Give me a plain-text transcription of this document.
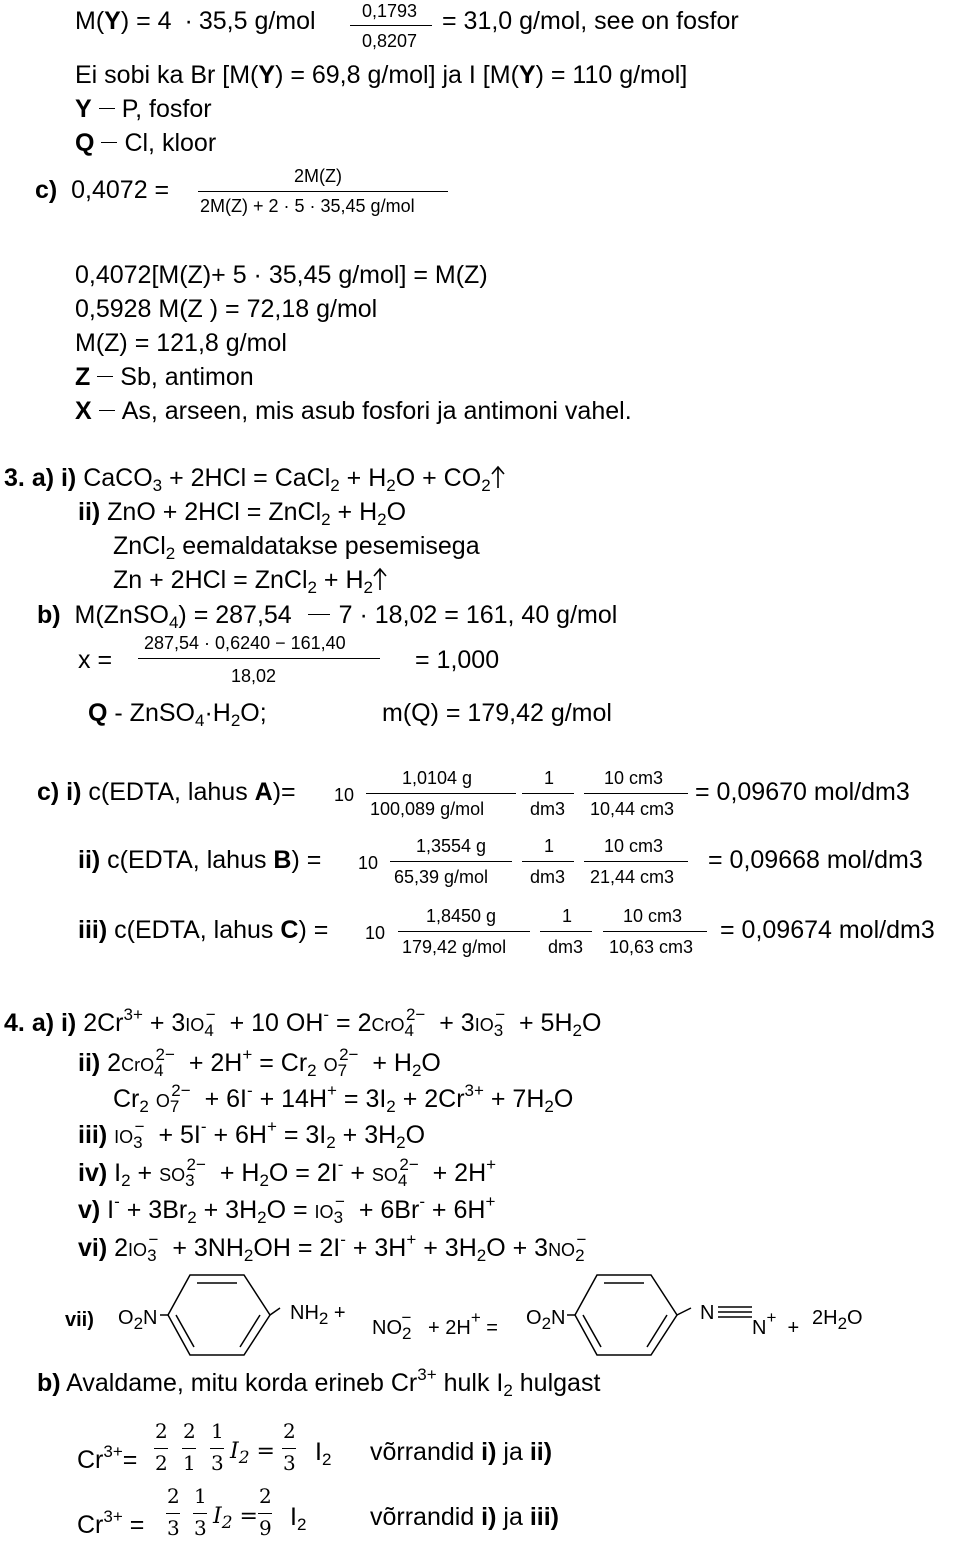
M(Y) = 4 · 35,5 g/mol	0,1793
0,8207
= 31,0 g/mol, see on fosfor
Ei sobi ka Br [M(Y) = 69,8 g/mol] ja I [M(Y) = 110 g/mol]
Y P, fosfor
Q Cl, kloor
c) 0,4072 =	2M(Z)
2M(Z) + 2 · 5 · 35,45 g/mol
0,4072[M(Z)+ 5 · 35,45 g/mol] = M(Z)
0,5928 M(Z ) = 72,18 g/mol
M(Z) = 121,8 g/mol
Z Sb, antimon
X As, arseen, mis asub fosfori ja antimoni vahel.
3. a) i) CaCO$_3$ + 2HCl = CaCl$_2$ + $H_2O + CO_2$
ii) ZnO + 2HCl = ZnCl$_2$ + $H_2O$
ZnCl$_2$ eemaldatakse pesemisega
Zn + 2HCl = ZnCl$_2$ + $H_2$
b)  M(ZnSO$_4$) = 287,54 7 · 18,02 = 161, 40 g/mol
x =
287,54 · 0,6240 − 161,40
18,02
= 1,000
$Q - ZnSO_4\cdot H_2O$;	m(Q) = 179,42 g/mol
c) i) c(EDTA, lahus A)= 10
1,0104 g
100,089 g/mol
1
dm3
10 cm3
10,44 cm3
= 0,09670 mol/dm3
ii) c(EDTA, lahus B) = 10
1,3554 g
65,39 g/mol
1
dm3
10 cm3
21,44 cm3
= 0,09668 mol/dm3
iii) c(EDTA, lahus C) = 10
1,8450 g
179,42 g/mol
1
dm3
10 cm3
10,63 cm3
= 0,09674 mol/dm3
4. a) i) $2Cr^{3+} + 3IO_4^- + 10$ $OH^- = 2CrO_4^{2-} + 3IO_3^- + 5H_2O$
ii) $2CrO_4^{2-} + 2H^+ = Cr_2$ $O_7^{2-} + H_2O$
$Cr_2$ $O_7^{2-} + 6I^- + 14H^+ = 3I_2 + 2Cr^{3+} + 7H_2O$
iii) $IO_3^- + 5I^- + 6H^+ = 3I_2 + 3H_2O$
iv) $I_2 + SO_3^{2-} + H_2O = 2I^- + SO_4^{2-} + 2H^+$
v) $I^- + 3Br_2 + 3H_2O = IO_3^- + 6Br^- + 6H^+$
vi) $2IO_3^- + 3NH_2OH = 2I^- + 3H^+ + 3H_2O + 3NO_2^-$
vii) $O_2N$	$NH_2$ +
$NO_2^- + 2H^+ = O_2N$	N
$N^+ + 2H_2O$
b) Avaldame, mitu korda erineb $Cr^{3+}$ hulk $I_2$ hulgast
$Cr^{3+}=$
2
2
2
1
1
3 $I_2$ =
2
3 $I_2$ võrrandid i) ja ii)
$Cr^{3+}$ =
2
3
1
3 $I_2$ =
2
9 $I_2$	võrrandid i) ja iii)
